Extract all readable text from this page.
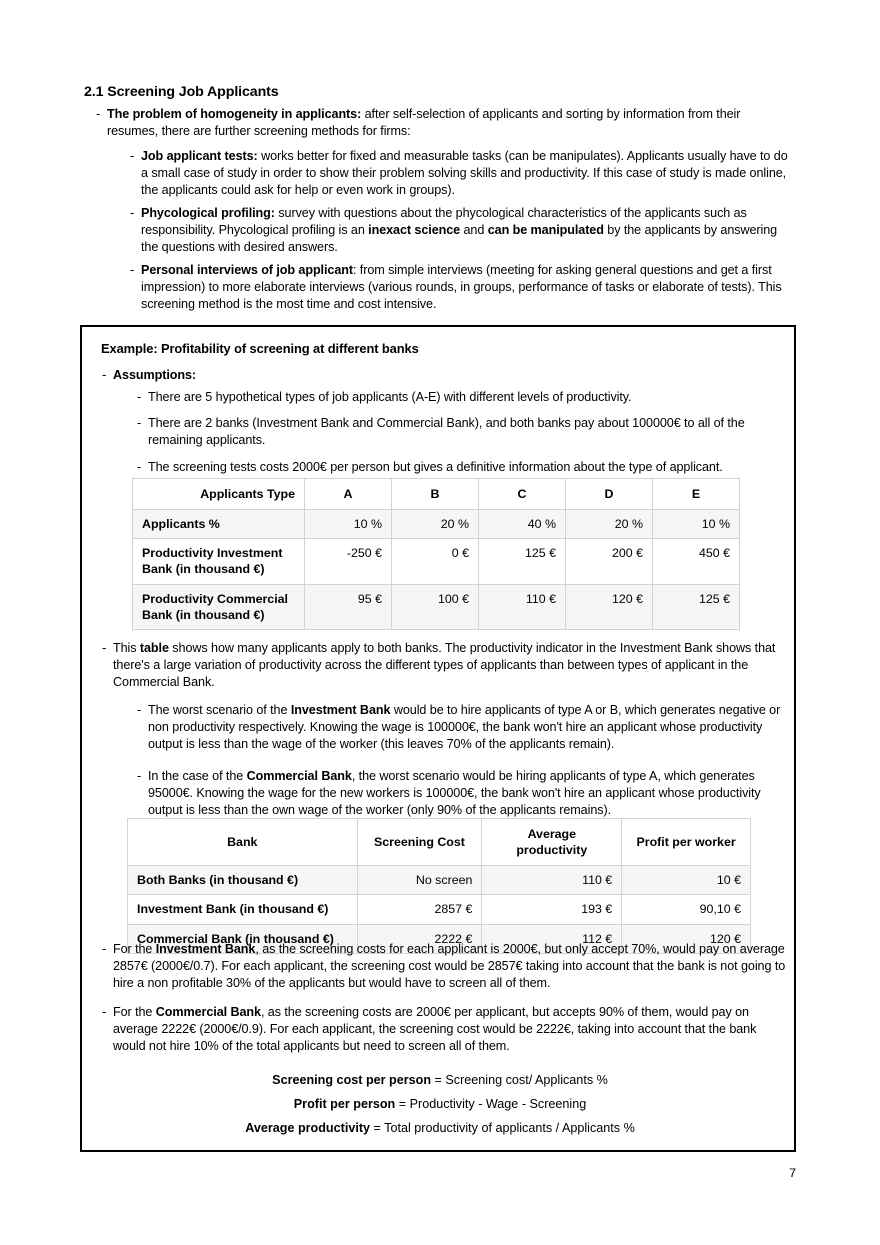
2.1 Screening Job Applicants
‐
The problem of homogeneity in applicants: after self-selection of applicants and sorting by information from their resumes, there are further screening methods for firms:
‐
Job applicant tests: works better for fixed and measurable tasks (can be manipulates). Applicants usually have to do a small case of study in order to show their problem solving skills and productivity. If this case of study is made online, the applicants could ask for help or even work in groups).
‐
Phycological profiling: survey with questions about the phycological characteristics of the applicants such as responsibility. Phycological profiling is an inexact science and can be manipulated by the applicants by answering the questions with desired answers.
‐
Personal interviews of job applicant: from simple interviews (meeting for asking general questions and get a first impression) to more elaborate interviews (various rounds, in groups, performance of tasks or elaborate of tests). This screening method is the most time and cost intensive.
Example: Profitability of screening at different banks
‐
Assumptions:
‐
There are 5 hypothetical types of job applicants (A-E) with different levels of productivity.
‐
There are 2 banks (Investment Bank and Commercial Bank), and both banks pay about 100000€ to all of the remaining applicants.
‐
The screening tests costs 2000€ per person but gives a definitive information about the type of applicant.
Applicants Type	A	B	C	D	E
Applicants %	10 %	20 %	40 %	20 %	10 %
Productivity Investment Bank (in thousand €)	-250 €	0 €	125 €	200 €	450 €
Productivity Commercial Bank (in thousand €)	95 €	100 €	110 €	120 €	125 €
‐
This table shows how many applicants apply to both banks. The productivity indicator in the Investment Bank shows that there's a large variation of productivity across the different types of applicants than between types of applicant in the Commercial Bank.
‐
The worst scenario of the Investment Bank would be to hire applicants of type A or B, which generates negative or non productivity respectively. Knowing the wage is 100000€, the bank won't hire an applicant whose productivity output is less than the wage of the worker (this leaves 70% of the applicants remain).
‐
In the case of the Commercial Bank, the worst scenario would be hiring applicants of type A, which generates 95000€. Knowing the wage for the new workers is 100000€, the bank won't hire an applicant whose productivity output is less than the own wage of the worker (only 90% of the applicants remains).
Bank	Screening Cost	Average productivity	Profit per worker
Both Banks (in thousand €)	No screen	110 €	10 €
Investment Bank (in thousand €)	2857 €	193 €	90,10 €
Commercial Bank (in thousand €)	2222 €	112 €	120 €
‐
For the Investment Bank, as the screening costs for each applicant is 2000€, but only accept 70%, would pay on average 2857€ (2000€/0.7). For each applicant, the screening cost would be 2857€ taking into account that the bank is not going to hire a non profitable 30% of the applicants but would have to screen all of them.
‐
For the Commercial Bank, as the screening costs are 2000€ per applicant, but accepts 90% of them, would pay on average 2222€ (2000€/0.9). For each applicant, the screening cost would be 2222€, taking into account that the bank would not hire 10% of the total applicants but need to screen all of them.
Screening cost per person = Screening cost/ Applicants %
Profit per person = Productivity - Wage - Screening
Average productivity = Total productivity of applicants / Applicants %
7
